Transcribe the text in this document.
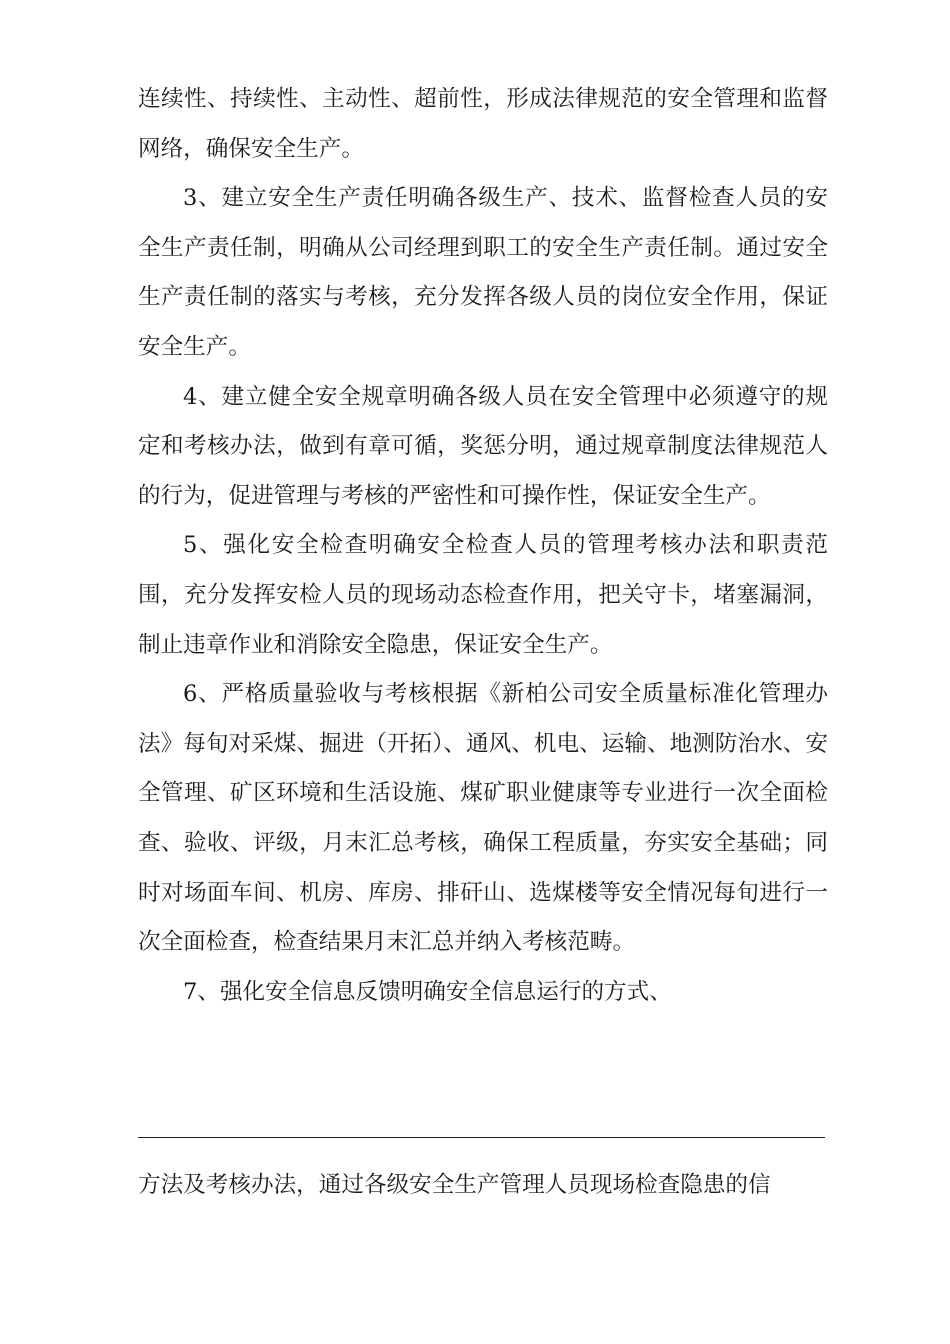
连续性、持续性、主动性、超前性，形成法律规范的安全管理和监督网络，确保安全生产。

3、建立安全生产责任明确各级生产、技术、监督检查人员的安全生产责任制，明确从公司经理到职工的安全生产责任制。通过安全生产责任制的落实与考核，充分发挥各级人员的岗位安全作用，保证安全生产。

4、建立健全安全规章明确各级人员在安全管理中必须遵守的规定和考核办法，做到有章可循，奖惩分明，通过规章制度法律规范人的行为，促进管理与考核的严密性和可操作性，保证安全生产。

5、强化安全检查明确安全检查人员的管理考核办法和职责范围，充分发挥安检人员的现场动态检查作用，把关守卡，堵塞漏洞，制止违章作业和消除安全隐患，保证安全生产。

6、严格质量验收与考核根据《新柏公司安全质量标准化管理办法》每旬对采煤、掘进（开拓）、通风、机电、运输、地测防治水、安全管理、矿区环境和生活设施、煤矿职业健康等专业进行一次全面检查、验收、评级，月末汇总考核，确保工程质量，夯实安全基础；同时对场面车间、机房、库房、排矸山、选煤楼等安全情况每旬进行一次全面检查，检查结果月末汇总并纳入考核范畴。

7、强化安全信息反馈明确安全信息运行的方式、

方法及考核办法，通过各级安全生产管理人员现场检查隐患的信
